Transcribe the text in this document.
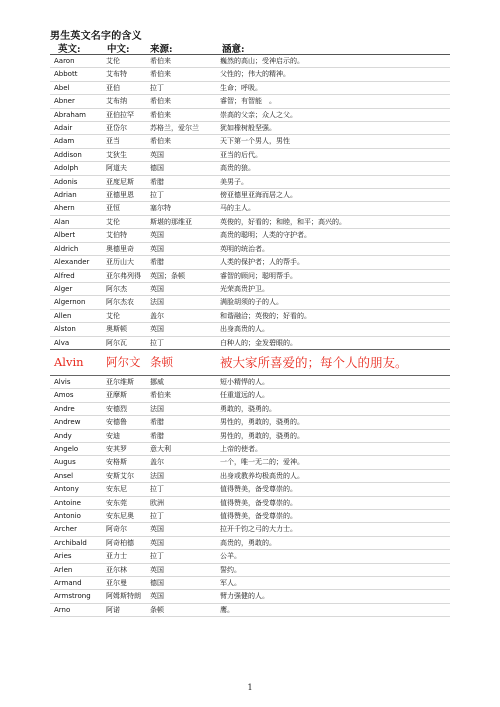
男生英文名字的含义
英文:	中文: 来源:	涵意:
Aaron	艾伦	希伯来	巍然的高山；受神启示的。
Abbott	艾布特	希伯来	父性的；伟大的精神。
Abel	亚伯	拉丁	生命；呼吸。
Abner	艾布纳	希伯来	睿智；有智能　。
Abraham	亚伯拉罕	希伯来	崇高的父亲；众人之父。
Adair	亚岱尔	苏格兰，爱尔兰	犹如橡树般坚强。
Adam	亚当	希伯来	天下第一个男人，男性
Addison	艾狄生	英国	亚当的后代。
Adolph	阿道夫	德国	高贵的狼。
Adonis	亚度尼斯	希腊	美男子。
Adrian	亚德里恩	拉丁	傍亚德里亚海而居之人。
Ahern	亚恒	塞尔特	马的主人。
Alan	艾伦	斯堪的那维亚	英俊的，好看的；和睦，和平；高兴的。
Albert	艾伯特	英国	高贵的聪明；人类的守护者。
Aldrich	奥德里奇	英国	英明的统治者。
Alexander	亚历山大	希腊	人类的保护者；人的帮手。
Alfred	亚尔弗列得	英国；条顿	睿智的顾问；聪明帮手。
Alger	阿尔杰	英国	光荣高贵护卫。
Algernon	阿尔杰农	法国	满脸胡须的子的人。
Allen	艾伦	盖尔	和谐融洽；英俊的；好看的。
Alston	奥斯顿	英国	出身高贵的人。
Alva	阿尔瓦	拉丁	白种人的；金发碧眼的。
Alvin	阿尔文	条顿	被大家所喜爱的；每个人的朋友。
Alvis	亚尔维斯	挪威	短小精悍的人。
Amos	亚摩斯	希伯来	任重道远的人。
Andre	安德烈	法国	勇敢的，骁勇的。
Andrew	安德鲁	希腊	男性的，勇敢的，骁勇的。
Andy	安迪	希腊	男性的，勇敢的，骁勇的。
Angelo	安其罗	意大利	上帝的使者。
Augus	安格斯	盖尔	一个，唯一无二的；爱神。
Ansel	安斯艾尔	法国	出身或教养均极高贵的人。
Antony	安东尼	拉丁	值得赞美，备受尊崇的。
Antoine	安东莞	欧洲	值得赞美，备受尊崇的。
Antonio	安东尼奥	拉丁	值得赞美，备受尊崇的。
Archer	阿奇尔	英国	拉开千钧之弓的大力士。
Archibald	阿奇柏德	英国	高贵的，勇敢的。
Aries	亚力士	拉丁	公羊。
Arlen	亚尔林	英国	誓约。
Armand	亚尔曼	德国	军人。
Armstrong	阿姆斯特朗	英国	臂力强健的人。
Arno	阿诺	条顿	鹰。
1
